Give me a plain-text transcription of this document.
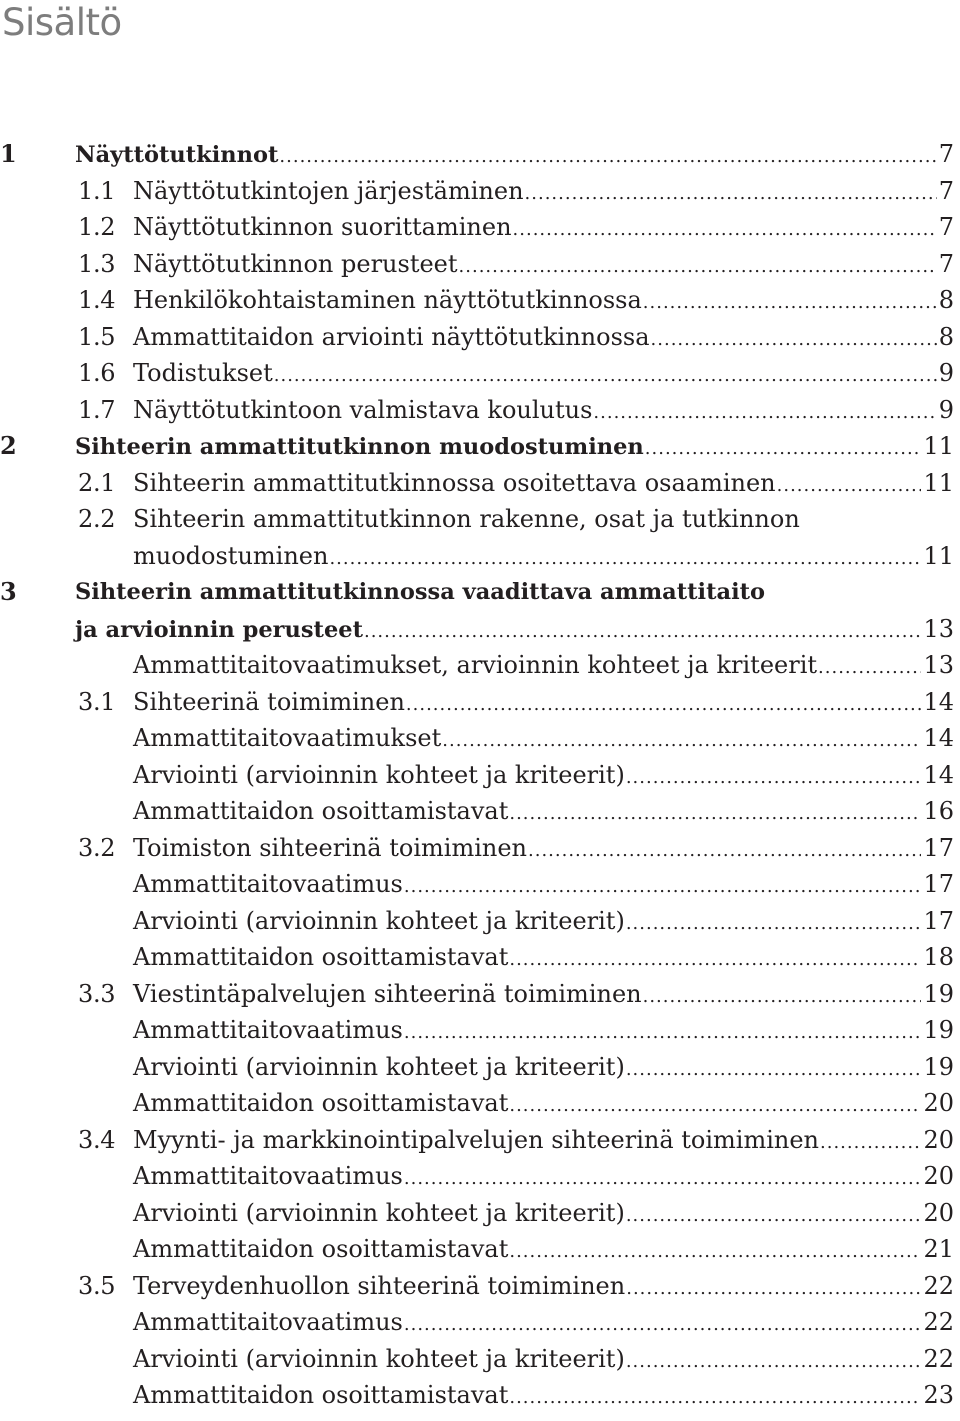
Sisältö
1	Näyttötutkinnot .....	7
1.1 Näyttötutkintojen järjestäminen .....	7
1.2 Näyttötutkinnon suorittaminen .....	7
1.3 Näyttötutkinnon perusteet .....	7
1.4 Henkilökohtaistaminen näyttötutkinnossa .....	8
1.5 Ammattitaidon arviointi näyttötutkinnossa .....	8
1.6 Todistukset .....	9
1.7 Näyttötutkintoon valmistava koulutus .....	9
2	Sihteerin ammattitutkinnon muodostuminen .....	11
2.1 Sihteerin ammattitutkinnossa osoitettava osaaminen .....	11
2.2 Sihteerin ammattitutkinnon rakenne, osat ja tutkinnon
muodostuminen .....	11
3	Sihteerin ammattitutkinnossa vaadittava ammattitaito
ja arvioinnin perusteet .....	13
Ammattitaitovaatimukset, arvioinnin kohteet ja kriteerit .....	13
3.1 Sihteerinä toimiminen .....	14
Ammattitaitovaatimukset .....	14
Arviointi (arvioinnin kohteet ja kriteerit) .....	14
Ammattitaidon osoittamistavat .....	16
3.2 Toimiston sihteerinä toimiminen .....	17
Ammattitaitovaatimus .....	17
Arviointi (arvioinnin kohteet ja kriteerit) .....	17
Ammattitaidon osoittamistavat .....	18
3.3 Viestintäpalvelujen sihteerinä toimiminen .....	19
Ammattitaitovaatimus .....	19
Arviointi (arvioinnin kohteet ja kriteerit) .....	19
Ammattitaidon osoittamistavat .....	20
3.4 Myynti- ja markkinointipalvelujen sihteerinä toimiminen .....	20
Ammattitaitovaatimus .....	20
Arviointi (arvioinnin kohteet ja kriteerit) .....	20
Ammattitaidon osoittamistavat .....	21
3.5 Terveydenhuollon sihteerinä toimiminen .....	22
Ammattitaitovaatimus .....	22
Arviointi (arvioinnin kohteet ja kriteerit) .....	22
Ammattitaidon osoittamistavat .....	23
